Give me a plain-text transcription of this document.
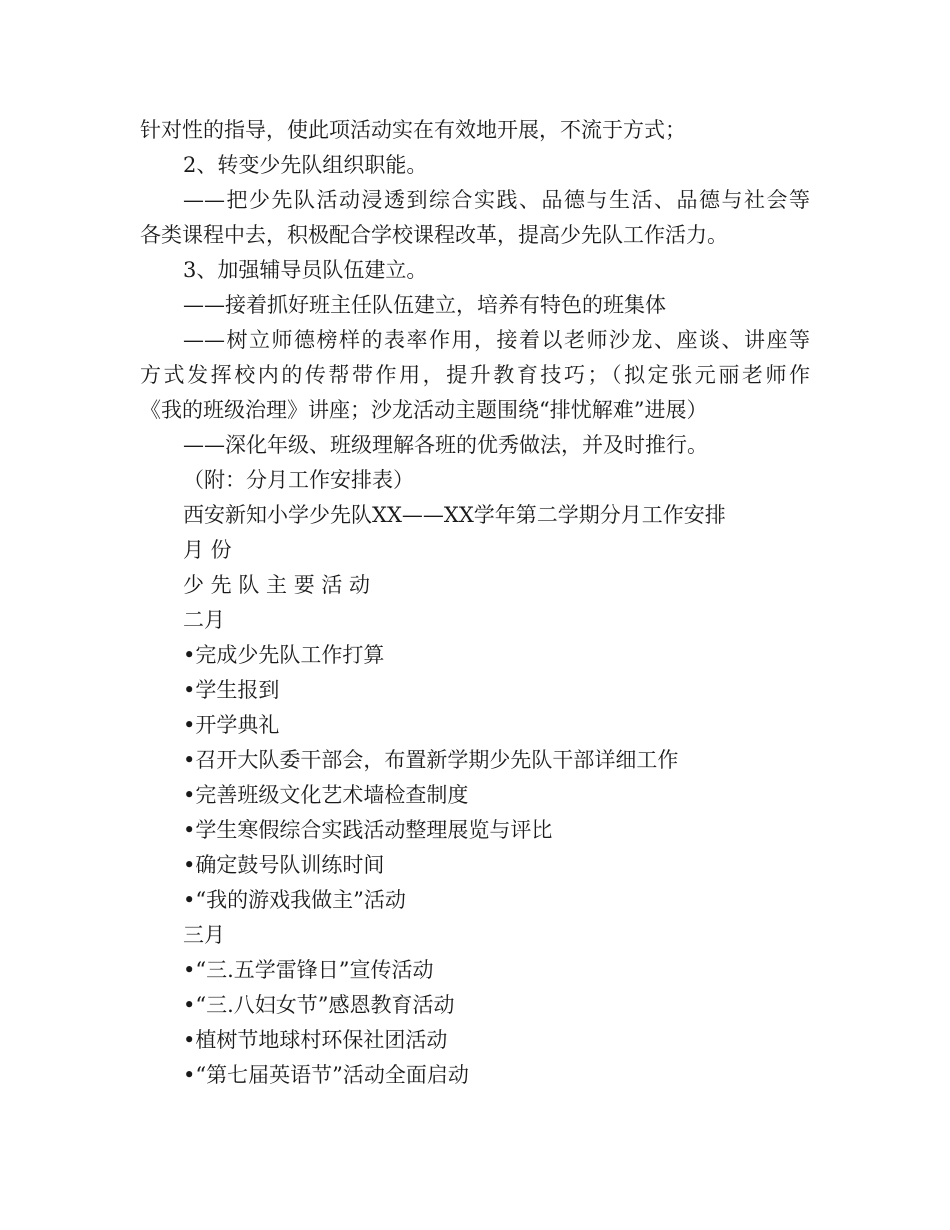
针对性的指导，使此项活动实在有效地开展，不流于方式；
2、转变少先队组织职能。
——把少先队活动浸透到综合实践、品德与生活、品德与社会等
各类课程中去，积极配合学校课程改革，提高少先队工作活力。
3、加强辅导员队伍建立。
——接着抓好班主任队伍建立，培养有特色的班集体
——树立师德榜样的表率作用，接着以老师沙龙、座谈、讲座等
方式发挥校内的传帮带作用，提升教育技巧；（拟定张元丽老师作
《我的班级治理》讲座；沙龙活动主题围绕“排忧解难”进展）
——深化年级、班级理解各班的优秀做法，并及时推行。
（附：分月工作安排表）
西安新知小学少先队XX——XX学年第二学期分月工作安排
月 份
少 先 队 主 要 活 动
二月
•完成少先队工作打算
•学生报到
•开学典礼
•召开大队委干部会，布置新学期少先队干部详细工作
•完善班级文化艺术墙检查制度
•学生寒假综合实践活动整理展览与评比
•确定鼓号队训练时间
•“我的游戏我做主”活动
三月
•“三.五学雷锋日”宣传活动
•“三.八妇女节”感恩教育活动
•植树节地球村环保社团活动
•“第七届英语节”活动全面启动
